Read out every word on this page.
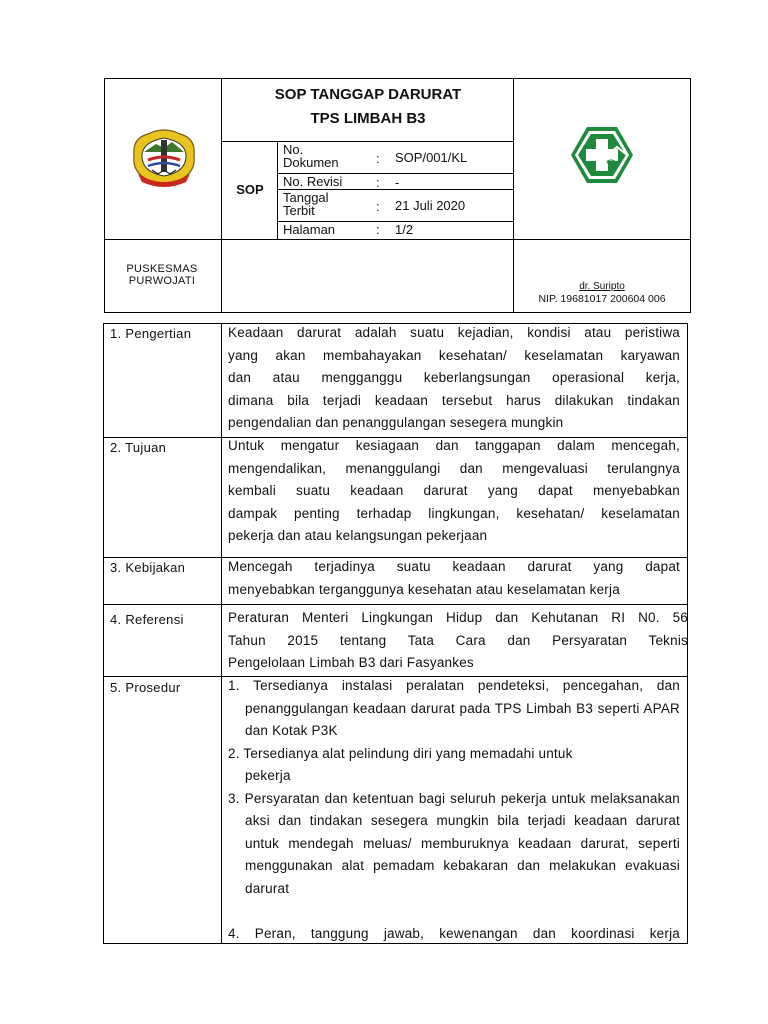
SOP TANGGAP DARURAT
TPS LIMBAH B3
SOP
No.
Dokumen	: SOP/001/KL
No. Revisi	: -
Tanggal
Terbit	: 21 Juli 2020
Halaman	: 1/2
PUSKESMAS
PURWOJATI	dr. Suripto
NIP. 19681017 200604 006
1. Pengertian	Keadaan darurat adalah suatu kejadian, kondisi atau peristiwa
yang akan membahayakan kesehatan/ keselamatan karyawan
dan atau mengganggu keberlangsungan operasional kerja,
dimana bila terjadi keadaan tersebut harus dilakukan tindakan
pengendalian dan penanggulangan sesegera mungkin
2. Tujuan	Untuk mengatur kesiagaan dan tanggapan dalam mencegah,
mengendalikan, menanggulangi dan mengevaluasi terulangnya
kembali suatu keadaan darurat yang dapat menyebabkan
dampak penting terhadap lingkungan, kesehatan/ keselamatan
pekerja dan atau kelangsungan pekerjaan
3. Kebijakan	Mencegah terjadinya suatu keadaan darurat yang dapat
menyebabkan terganggunya kesehatan atau keselamatan kerja
4. Referensi	Peraturan Menteri Lingkungan Hidup dan Kehutanan RI N0. 56
Tahun 2015 tentang Tata Cara dan Persyaratan Teknis
Pengelolaan Limbah B3 dari Fasyankes
5. Prosedur	1. Tersedianya instalasi peralatan pendeteksi, pencegahan, dan penanggulangan keadaan darurat pada TPS Limbah B3 seperti APAR dan Kotak P3K
2. Tersedianya alat pelindung diri yang memadahi untuk
pekerja
3. Persyaratan dan ketentuan bagi seluruh pekerja untuk melaksanakan aksi dan tindakan sesegera mungkin bila terjadi keadaan darurat untuk mendegah meluas/ memburuknya keadaan darurat, seperti menggunakan alat pemadam kebakaran dan melakukan evakuasi darurat
4. Peran, tanggung jawab, kewenangan dan koordinasi kerja
